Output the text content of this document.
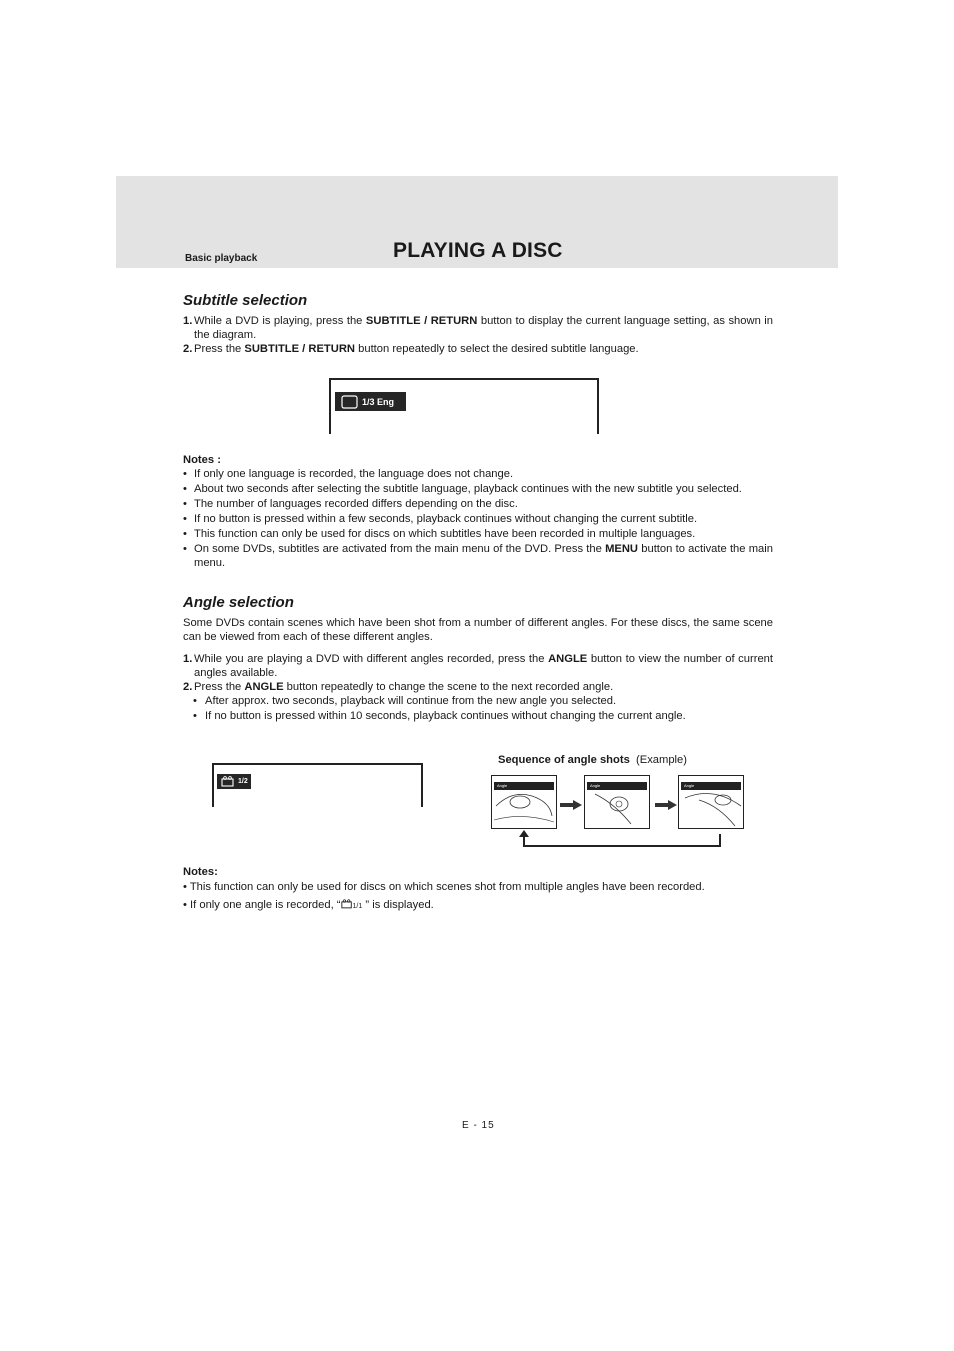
Basic playback	PLAYING A DISC
Subtitle selection
1. While a DVD is playing, press the SUBTITLE / RETURN button to display the current language setting, as shown in the diagram.
2. Press the SUBTITLE / RETURN button repeatedly to select the desired subtitle language.
1/3 Eng
Notes :
• If only one language is recorded, the language does not change.
• About two seconds after selecting the subtitle language, playback continues with the new subtitle you selected.
• The number of languages recorded differs depending on the disc.
• If no button is pressed within a few seconds, playback continues without changing the current subtitle.
• This function can only be used for discs on which subtitles have been recorded in multiple languages.
• On some DVDs, subtitles are activated from the main menu of the DVD. Press the MENU button to activate the main menu.
Angle selection
Some DVDs contain scenes which have been shot from a number of different angles. For these discs, the same scene can be viewed from each of these different angles.
1. While you are playing a DVD with different angles recorded, press the ANGLE button to view the number of current angles available.
2. Press the ANGLE button repeatedly to change the scene to the next recorded angle.
• After approx. two seconds, playback will continue from the new angle you selected.
• If no button is pressed within 10 seconds, playback continues without changing the current angle.
1/2
Sequence of angle shots (Example)
Angle	Angle	Angle
Notes:
• This function can only be used for discs on which scenes shot from multiple angles have been recorded.
• If only one angle is recorded, “ 1/1 ” is displayed.
E - 15
